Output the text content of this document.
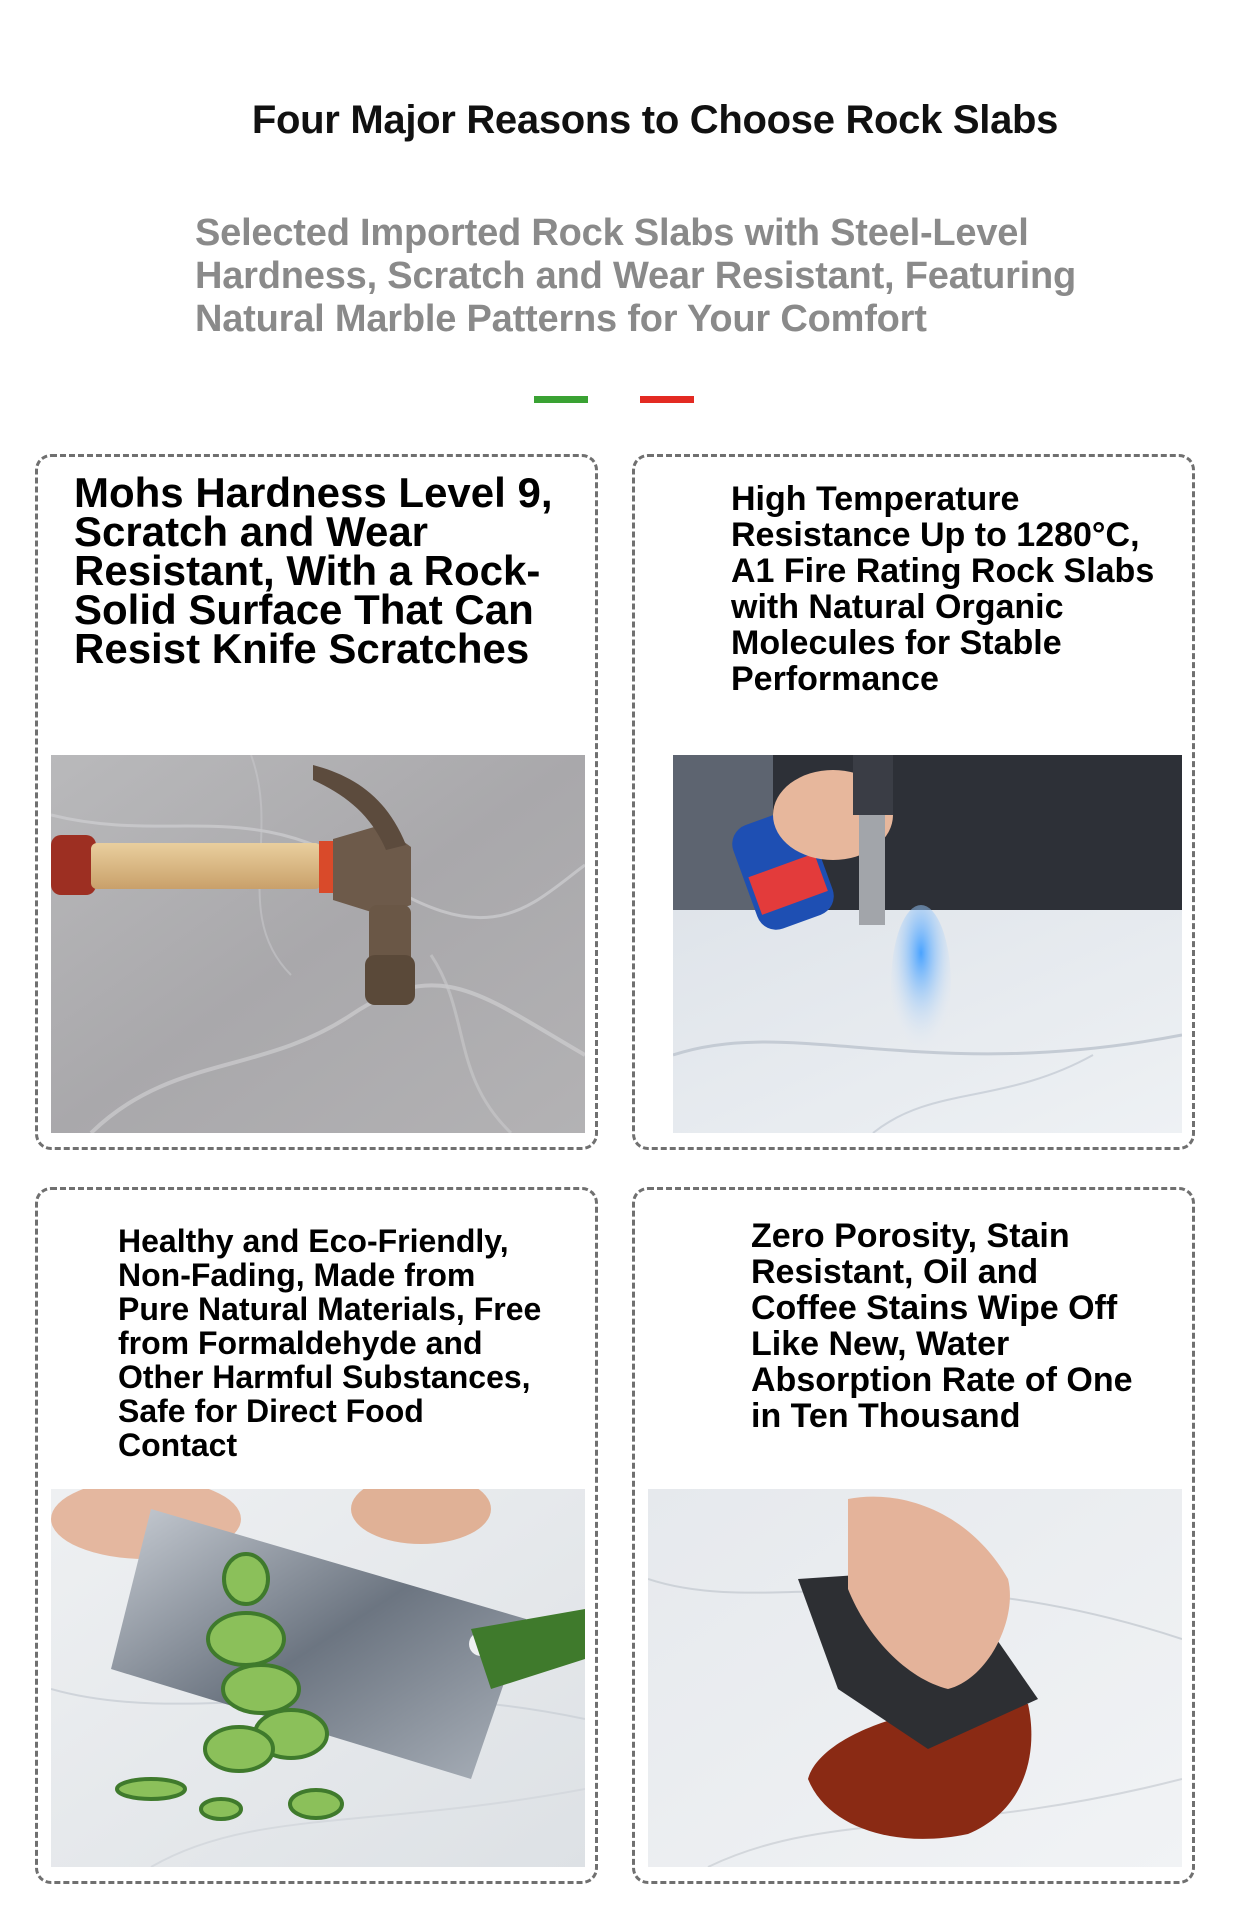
Four Major Reasons to Choose Rock Slabs
Selected Imported Rock Slabs with Steel-Level Hardness, Scratch and Wear Resistant, Featuring Natural Marble Patterns for Your Comfort

Mohs Hardness Level 9, Scratch and Wear Resistant, With a Rock-Solid Surface That Can Resist Knife Scratches

High Temperature Resistance Up to 1280°C, A1 Fire Rating Rock Slabs with Natural Organic Molecules for Stable Performance

Healthy and Eco-Friendly, Non-Fading, Made from Pure Natural Materials, Free from Formaldehyde and Other Harmful Substances, Safe for Direct Food Contact

Zero Porosity, Stain Resistant, Oil and Coffee Stains Wipe Off Like New, Water Absorption Rate of One in Ten Thousand
